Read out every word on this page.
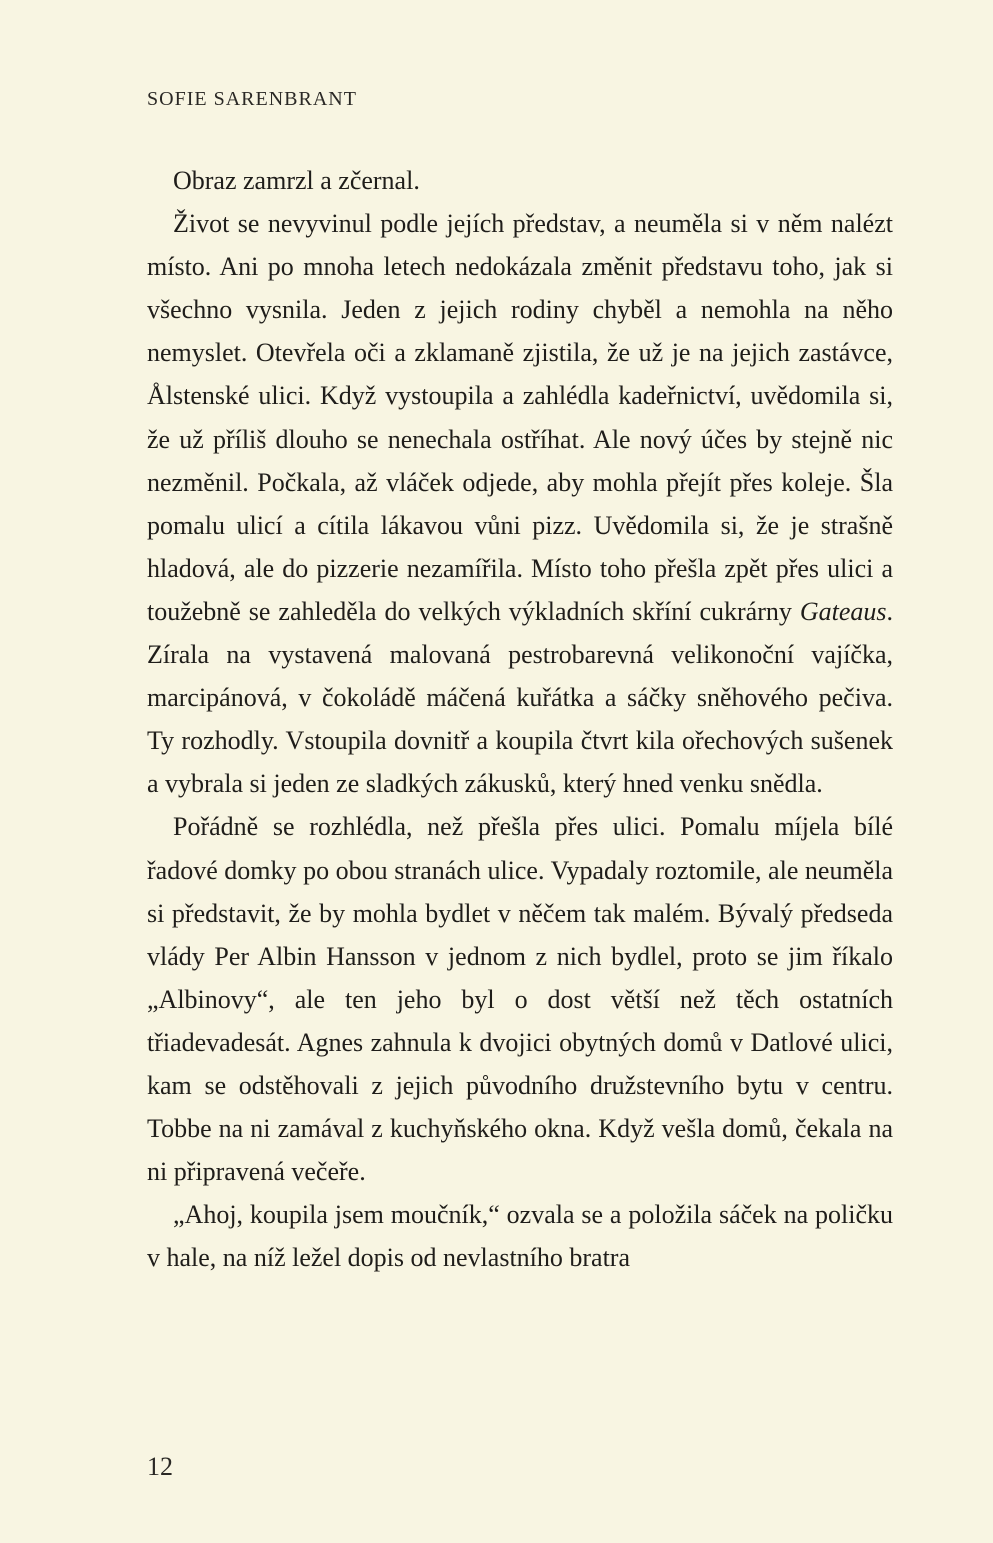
SOFIE SARENBRANT

Obraz zamrzl a zčernal.

Život se nevyvinul podle jejích představ, a neuměla si v něm nalézt místo. Ani po mnoha letech nedokázala změnit představu toho, jak si všechno vysnila. Jeden z jejich rodiny chyběl a nemohla na něho nemyslet. Otevřela oči a zklamaně zjistila, že už je na jejich zastávce, Ålstenské ulici. Když vystoupila a zahlédla kadeřnictví, uvědomila si, že už příliš dlouho se nenechala ostříhat. Ale nový účes by stejně nic nezměnil. Počkala, až vláček odjede, aby mohla přejít přes koleje. Šla pomalu ulicí a cítila lákavou vůni pizz. Uvědomila si, že je strašně hladová, ale do pizzerie nezamířila. Místo toho přešla zpět přes ulici a toužebně se zahleděla do velkých výkladních skříní cukrárny Gateaus. Zírala na vystavená malovaná pestrobarevná velikonoční vajíčka, marcipánová, v čokoládě máčená kuřátka a sáčky sněhového pečiva. Ty rozhodly. Vstoupila dovnitř a koupila čtvrt kila ořechových sušenek a vybrala si jeden ze sladkých zákusků, který hned venku snědla.

Pořádně se rozhlédla, než přešla přes ulici. Pomalu míjela bílé řadové domky po obou stranách ulice. Vypadaly roztomile, ale neuměla si představit, že by mohla bydlet v něčem tak malém. Bývalý předseda vlády Per Albin Hansson v jednom z nich bydlel, proto se jim říkalo „Albinovy“, ale ten jeho byl o dost větší než těch ostatních třiadevadesát. Agnes zahnula k dvojici obytných domů v Datlové ulici, kam se odstěhovali z jejich původního družstevního bytu v centru. Tobbe na ni zamával z kuchyňského okna. Když vešla domů, čekala na ni připravená večeře.

„Ahoj, koupila jsem moučník,“ ozvala se a položila sáček na poličku v hale, na níž ležel dopis od nevlastního bratra

12
